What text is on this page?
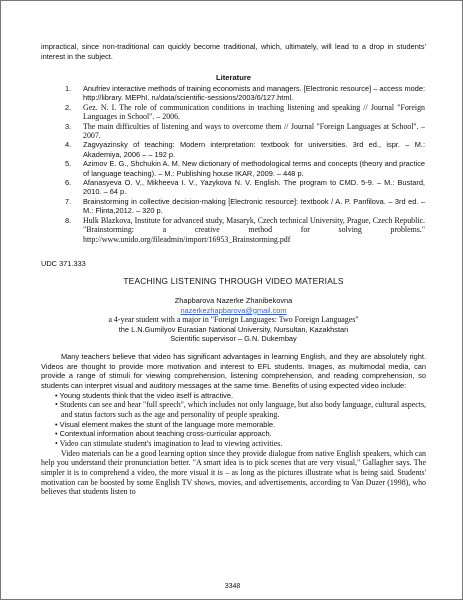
impractical, since non-traditional can quickly become traditional, which, ultimately, will lead to a drop in students' interest in the subject.

Literature
1. Anufriev interactive methods of training economists and managers. [Electronic resource] – access mode: http://library. MEPhI. ru/data/scientific-sessions/2003/6/127.html.
2. Gez. N. I. The role of communication conditions in teaching listening and speaking // Journal "Foreign Languages in School". – 2006.
3. The main difficulties of listening and ways to overcome them // Journal "Foreign Languages at School". – 2007.
4. Zagvyazinsky of teaching: Modern interpretation: textbook for universities. 3rd ed., ispr. – M.: Akademiya, 2006 – – 192 p.
5. Azimov E. G., Shchukin A. M. New dictionary of methodological terms and concepts (theory and practice of language teaching). – M.: Publishing house IKAR, 2009. – 448 p.
6. Afanasyeva O. V., Mikheeva I. V., Yazykova N. V. English. The program to CMD. 5-9. – M.: Bustard, 2010. – 64 p.
7. Brainstorming in collective decision-making [Electronic resource]: textbook / A. P. Panfilova. – 3rd ed. – M.: Flinta,2012. – 320 p.
8. Hulk Blazkova, Institute for advanced study, Masaryk, Czech technical University, Prague, Czech Republic. "Brainstorming: a creative method for solving problems." http://www.unido.org/fileadmin/import/16953_Brainstorming.pdf
UDC 371.333
TEACHING LISTENING THROUGH VIDEO MATERIALS
Zhapbarova Nazerke Zhanibekovna
nazerkezhapbarova@gmail.com
a 4-year student with a major in "Foreign Languages: Two Foreign Languages"
the L.N.Gumilyov Eurasian National University, Nursultan, Kazakhstan
Scientific supervisor – G.N. Dukembay

Many teachers believe that video has significant advantages in learning English, and they are absolutely right. Videos are thought to provide more motivation and interest to EFL students. Images, as multimodal media, can provide a range of stimuli for viewing comprehension, listening comprehension, and reading comprehension, so students can interpret visual and auditory messages at the same time. Benefits of using expected video include:

• Young students think that the video itself is attractive.

• Students can see and hear "full speech", which includes not only language, but also body language, cultural aspects, and status factors such as the age and personality of people speaking.

• Visual element makes the stunt of the language more memorable.

• Contextual information about teaching cross-curricular approach.

• Video can stimulate student's imagination to lead to viewing activities.

Video materials can be a good learning option since they provide dialogue from native English speakers, which can help you understand their pronunciation better. "A smart idea is to pick scenes that are very visual," Gallagher says. The simpler it is to comprehend a video, the more visual it is – as long as the pictures illustrate what is being said. Students' motivation can be boosted by some English TV shows, movies, and advertisements, according to Van Duzer (1998), who believes that students listen to

3348
